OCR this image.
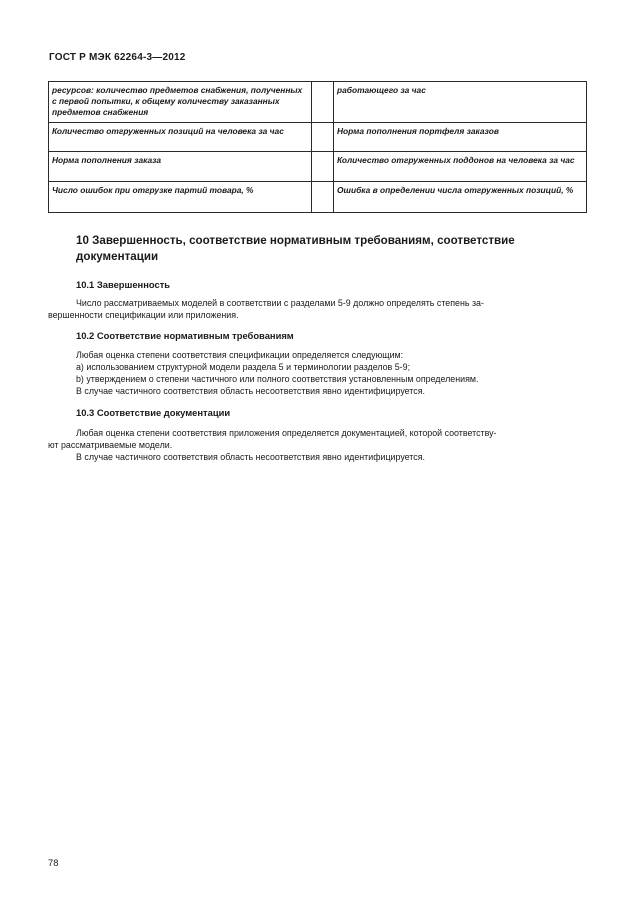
ГОСТ Р МЭК 62264-3—2012
ресурсов: количество предметов снабжения, полученных с первой попытки, к общему количеству заказанных предметов снабжения		работающего за час
Количество отгруженных позиций на человека за час		Норма пополнения портфеля заказов
Норма пополнения заказа		Количество отгруженных поддонов на человека за час
Число ошибок при отгрузке партий товара, %		Ошибка в определении числа отгруженных позиций, %
10 Завершенность, соответствие нормативным требованиям, соответствие документации
10.1 Завершенность
Число рассматриваемых моделей в соответствии с разделами 5-9 должно определять степень за-
вершенности спецификации или приложения.
10.2 Соответствие нормативным требованиям
Любая оценка степени соответствия спецификации определяется следующим:
a) использованием структурной модели раздела 5 и терминологии разделов 5-9;
b) утверждением о степени частичного или полного соответствия установленным определениям.
В случае частичного соответствия область несоответствия явно идентифицируется.
10.3 Соответствие документации
Любая оценка степени соответствия приложения определяется документацией, которой соответству-
ют рассматриваемые модели.
В случае частичного соответствия область несоответствия явно идентифицируется.
78
